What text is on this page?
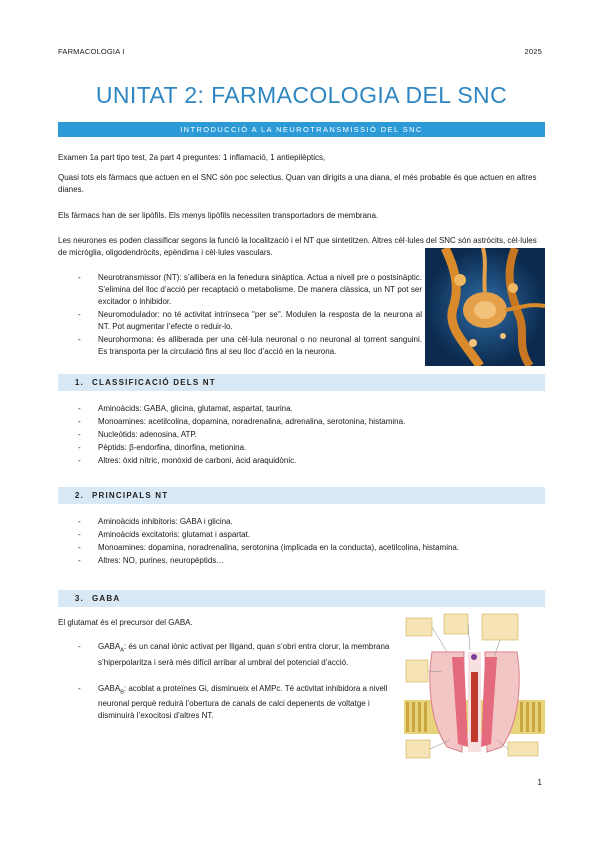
FARMACOLOGIA I	2025
UNITAT 2: FARMACOLOGIA DEL SNC
INTRODUCCIÓ A LA NEUROTRANSMISSIÓ DEL SNC
Examen 1a part tipo test, 2a part 4 preguntes: 1 inflamació, 1 antiepilèptics,
Quasi tots els fàrmacs que actuen en el SNC són poc selectius. Quan van dirigits a una diana, el més probable és que actuen en altres dianes.
Els fàrmacs han de ser lipòfils. Els menys lipòfils necessiten transportadors de membrana.
Les neurones es poden classificar segons la funció la localització i el NT que sintetitzen. Altres cèl·lules del SNC són astròcits, cèl·lules de micròglia, oligodendròcits, epèndima i cèl·lules vasculars.
- Neurotransmissor (NT): s’allibera en la fenedura sinàptica. Actua a nivell pre o postsinàptic. S’elimina del lloc d’acció per recaptació o metabolisme. De manera clàssica, un NT pot ser excitador o inhibidor.
- Neuromodulador: no té activitat intrínseca "per se". Modulen la resposta de la neurona al NT. Pot augmentar l’efecte o reduir-lo.
- Neurohormona: és alliberada per una cèl·lula neuronal o no neuronal al torrent sanguini. Es transporta per la circulació fins al seu lloc d’acció en la neurona.
1. CLASSIFICACIÓ DELS NT
- Aminoàcids: GABA, glicina, glutamat, aspartat, taurina.
- Monoamines: acetilcolina, dopamina, noradrenalina, adrenalina, serotonina, histamina.
- Nucleòtids: adenosina, ATP.
- Pèptids: β-endorfina, dinorfina, metionina.
- Altres: òxid nítric, monòxid de carboni, àcid araquidònic.
2. PRINCIPALS NT
- Aminoàcids inhibitoris: GABA i glicina.
- Aminoàcids excitatoris: glutamat i aspartat.
- Monoamines: dopamina, noradrenalina, serotonina (implicada en la conducta), acetilcolina, histamina.
- Altres: NO, purines, neuropèptids…
3. GABA
El glutamat és el precursor del GABA.
- $GABA_A$: és un canal iònic activat per lligand, quan s’obri entra clorur, la membrana s’hiperpolaritza i serà més difícil arribar al umbral del potencial d’acció.
- $GABA_B$: acoblat a proteïnes Gi, disminueix el AMPc. Té activitat inhibidora a nivell neuronal perquè reduirà l’obertura de canals de calci depenents de voltatge i disminuirà l’exocitosi d’altres NT.
1
